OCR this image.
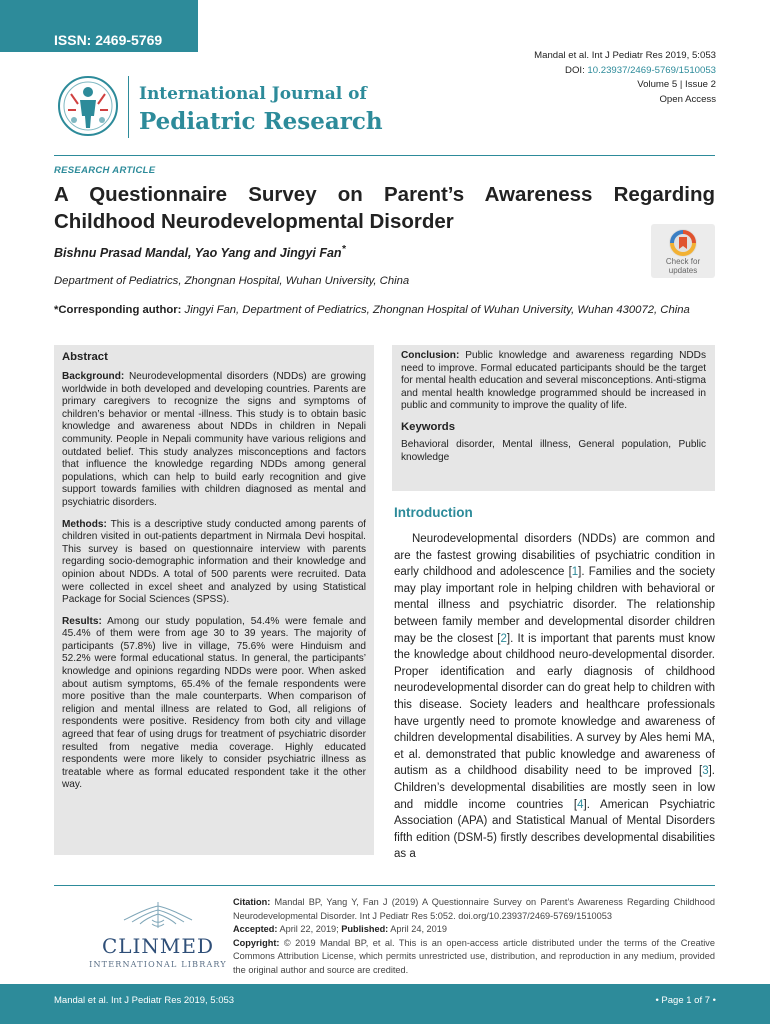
ISSN: 2469-5769
Mandal et al. Int J Pediatr Res 2019, 5:053
DOI: 10.23937/2469-5769/1510053
Volume 5 | Issue 2
Open Access
International Journal of
Pediatric Research
RESEARCH ARTICLE
A Questionnaire Survey on Parent’s Awareness Regarding
Childhood Neurodevelopmental Disorder
Bishnu Prasad Mandal, Yao Yang and Jingyi Fan*
Check for updates
Department of Pediatrics, Zhongnan Hospital, Wuhan University, China
*Corresponding author: Jingyi Fan, Department of Pediatrics, Zhongnan Hospital of Wuhan University, Wuhan 430072, China

Abstract

Background: Neurodevelopmental disorders (NDDs) are growing worldwide in both developed and developing countries. Parents are primary caregivers to recognize the signs and symptoms of children’s behavior or mental -illness. This study is to obtain basic knowledge and awareness about NDDs in children in Nepali community. People in Nepali community have various religions and outdated belief. This study analyzes misconceptions and factors that influence the knowledge regarding NDDs among general populations, which can help to build early recognition and give support towards families with children diagnosed as mental and psychiatric disorders.

Methods: This is a descriptive study conducted among parents of children visited in out-patients department in Nirmala Devi hospital. This survey is based on questionnaire interview with parents regarding socio-demographic information and their knowledge and opinion about NDDs. A total of 500 parents were recruited. Data were collected in excel sheet and analyzed by using Statistical Package for Social Sciences (SPSS).

Results: Among our study population, 54.4% were female and 45.4% of them were from age 30 to 39 years. The majority of participants (57.8%) live in village, 75.6% were Hinduism and 52.2% were formal educational status. In general, the participants’ knowledge and opinions regarding NDDs were poor. When asked about autism symptoms, 65.4% of the female respondents were more positive than the male counterparts. When comparison of religion and mental illness are related to God, all religions of respondents were positive. Residency from both city and village agreed that fear of using drugs for treatment of psychiatric disorder resulted from negative media coverage. Highly educated respondents were more likely to consider psychiatric illness as treatable where as formal educated respondent take it the other way.

Conclusion: Public knowledge and awareness regarding NDDs need to improve. Formal educated participants should be the target for mental health education and several misconceptions. Anti-stigma and mental health knowledge programmed should be increased in public and community to improve the quality of life.

Keywords

Behavioral disorder, Mental illness, General population, Public knowledge

Introduction

Neurodevelopmental disorders (NDDs) are common and are the fastest growing disabilities of psychiatric condition in early childhood and adolescence [1]. Families and the society may play important role in helping children with behavioral or mental illness and psychiatric disorder. The relationship between family member and developmental disorder children may be the closest [2]. It is important that parents must know the knowledge about childhood neuro-developmental disorder. Proper identification and early diagnosis of childhood neurodevelopmental disorder can do great help to children with this disease. Society leaders and healthcare professionals have urgently need to promote knowledge and awareness of children developmental disabilities. A survey by Ales hemi MA, et al. demonstrated that public knowledge and awareness of autism as a childhood disability need to be improved [3]. Children’s developmental disabilities are mostly seen in low and middle income countries [4]. American Psychiatric Association (APA) and Statistical Manual of Mental Disorders fifth edition (DSM-5) firstly describes developmental disabilities as a

CLINMED
INTERNATIONAL LIBRARY
Citation: Mandal BP, Yang Y, Fan J (2019) A Questionnaire Survey on Parent’s Awareness Regarding Childhood Neurodevelopmental Disorder. Int J Pediatr Res 5:052. doi.org/10.23937/2469-5769/1510053
Accepted: April 22, 2019; Published: April 24, 2019
Copyright: © 2019 Mandal BP, et al. This is an open-access article distributed under the terms of the Creative Commons Attribution License, which permits unrestricted use, distribution, and reproduction in any medium, provided the original author and source are credited.
Mandal et al. Int J Pediatr Res 2019, 5:053	• Page 1 of 7 •
